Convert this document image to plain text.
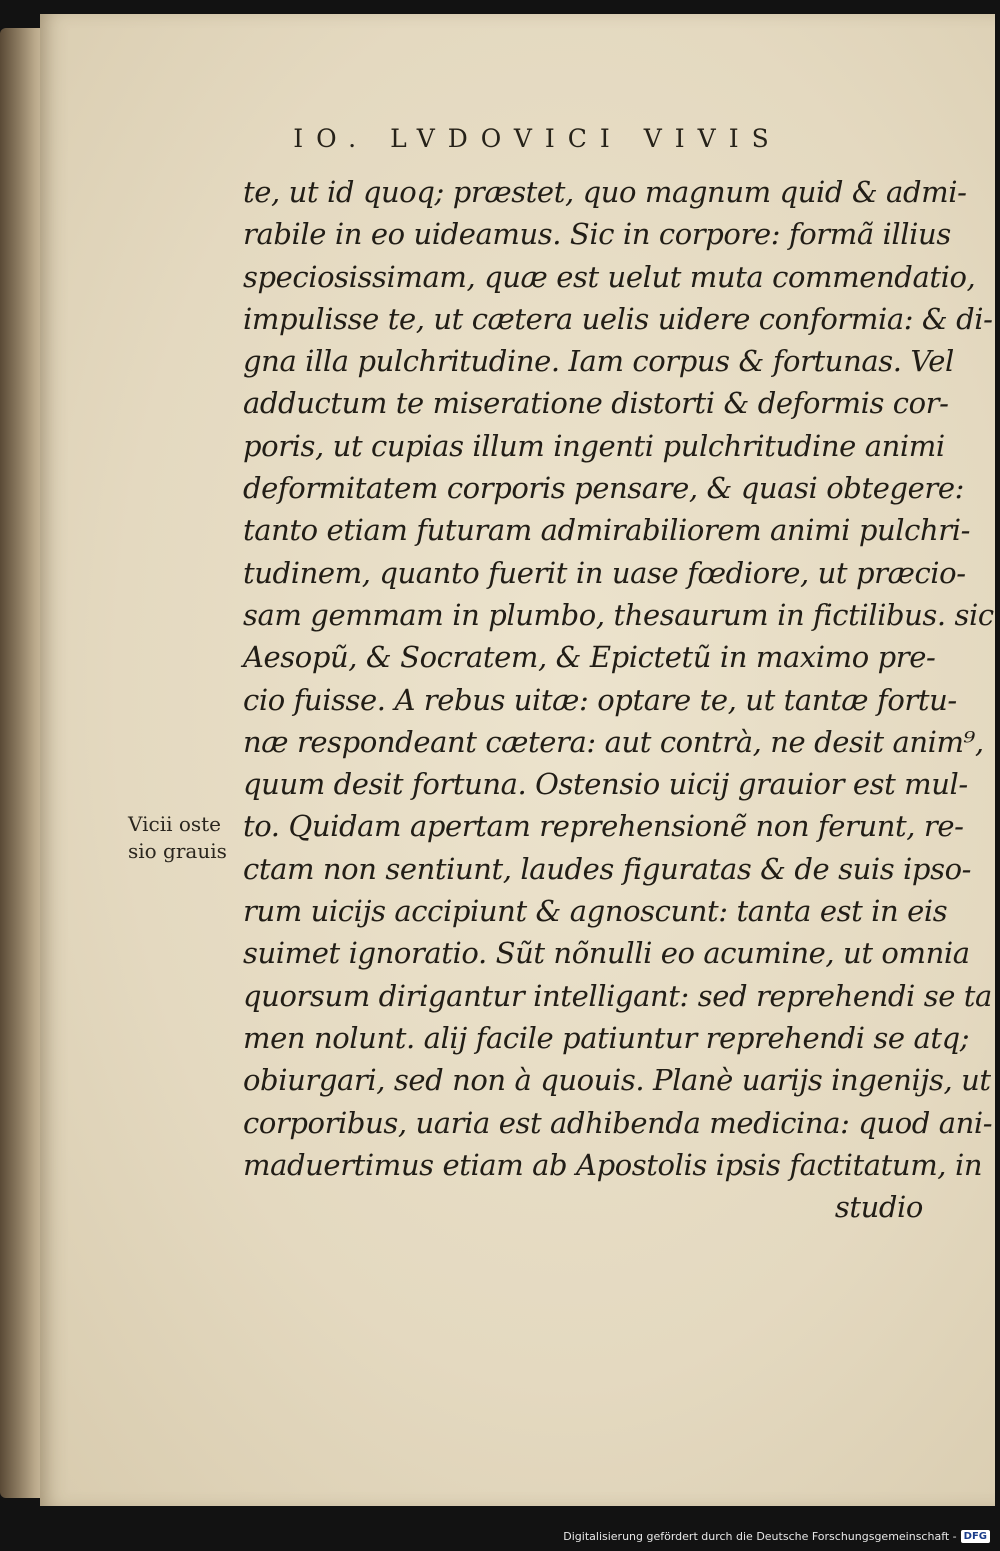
IO. LVDOVICI VIVIS
Vicii oste
sio grauis
te, ut id quoq; præstet, quo magnum quid & admi-
rabile in eo uideamus. Sic in corpore: formã illius
speciosissimam, quæ est uelut muta commendatio,
impulisse te, ut cætera uelis uidere conformia: & di-
gna illa pulchritudine. Iam corpus & fortunas. Vel
adductum te miseratione distorti & deformis cor-
poris, ut cupias illum ingenti pulchritudine animi
deformitatem corporis pensare, & quasi obtegere:
tanto etiam futuram admirabiliorem animi pulchri-
tudinem, quanto fuerit in uase fœdiore, ut præcio-
sam gemmam in plumbo, thesaurum in fictilibus. sic
Aesopũ, & Socratem, & Epictetũ in maximo pre-
cio fuisse. A rebus uitæ: optare te, ut tantæ fortu-
næ respondeant cætera: aut contrà, ne desit anim⁹,
quum desit fortuna. Ostensio uicij grauior est mul-
to. Quidam apertam reprehensionẽ non ferunt, re-
ctam non sentiunt, laudes figuratas & de suis ipso-
rum uicijs accipiunt & agnoscunt: tanta est in eis
suimet ignoratio. Sũt nõnulli eo acumine, ut omnia
quorsum dirigantur intelligant: sed reprehendi se ta
men nolunt. alij facile patiuntur reprehendi se atq;
obiurgari, sed non à quouis. Planè uarijs ingenijs, ut
corporibus, uaria est adhibenda medicina: quod ani-
maduertimus etiam ab Apostolis ipsis factitatum, in
studio
Digitalisierung gefördert durch die Deutsche Forschungsgemeinschaft - DFG
